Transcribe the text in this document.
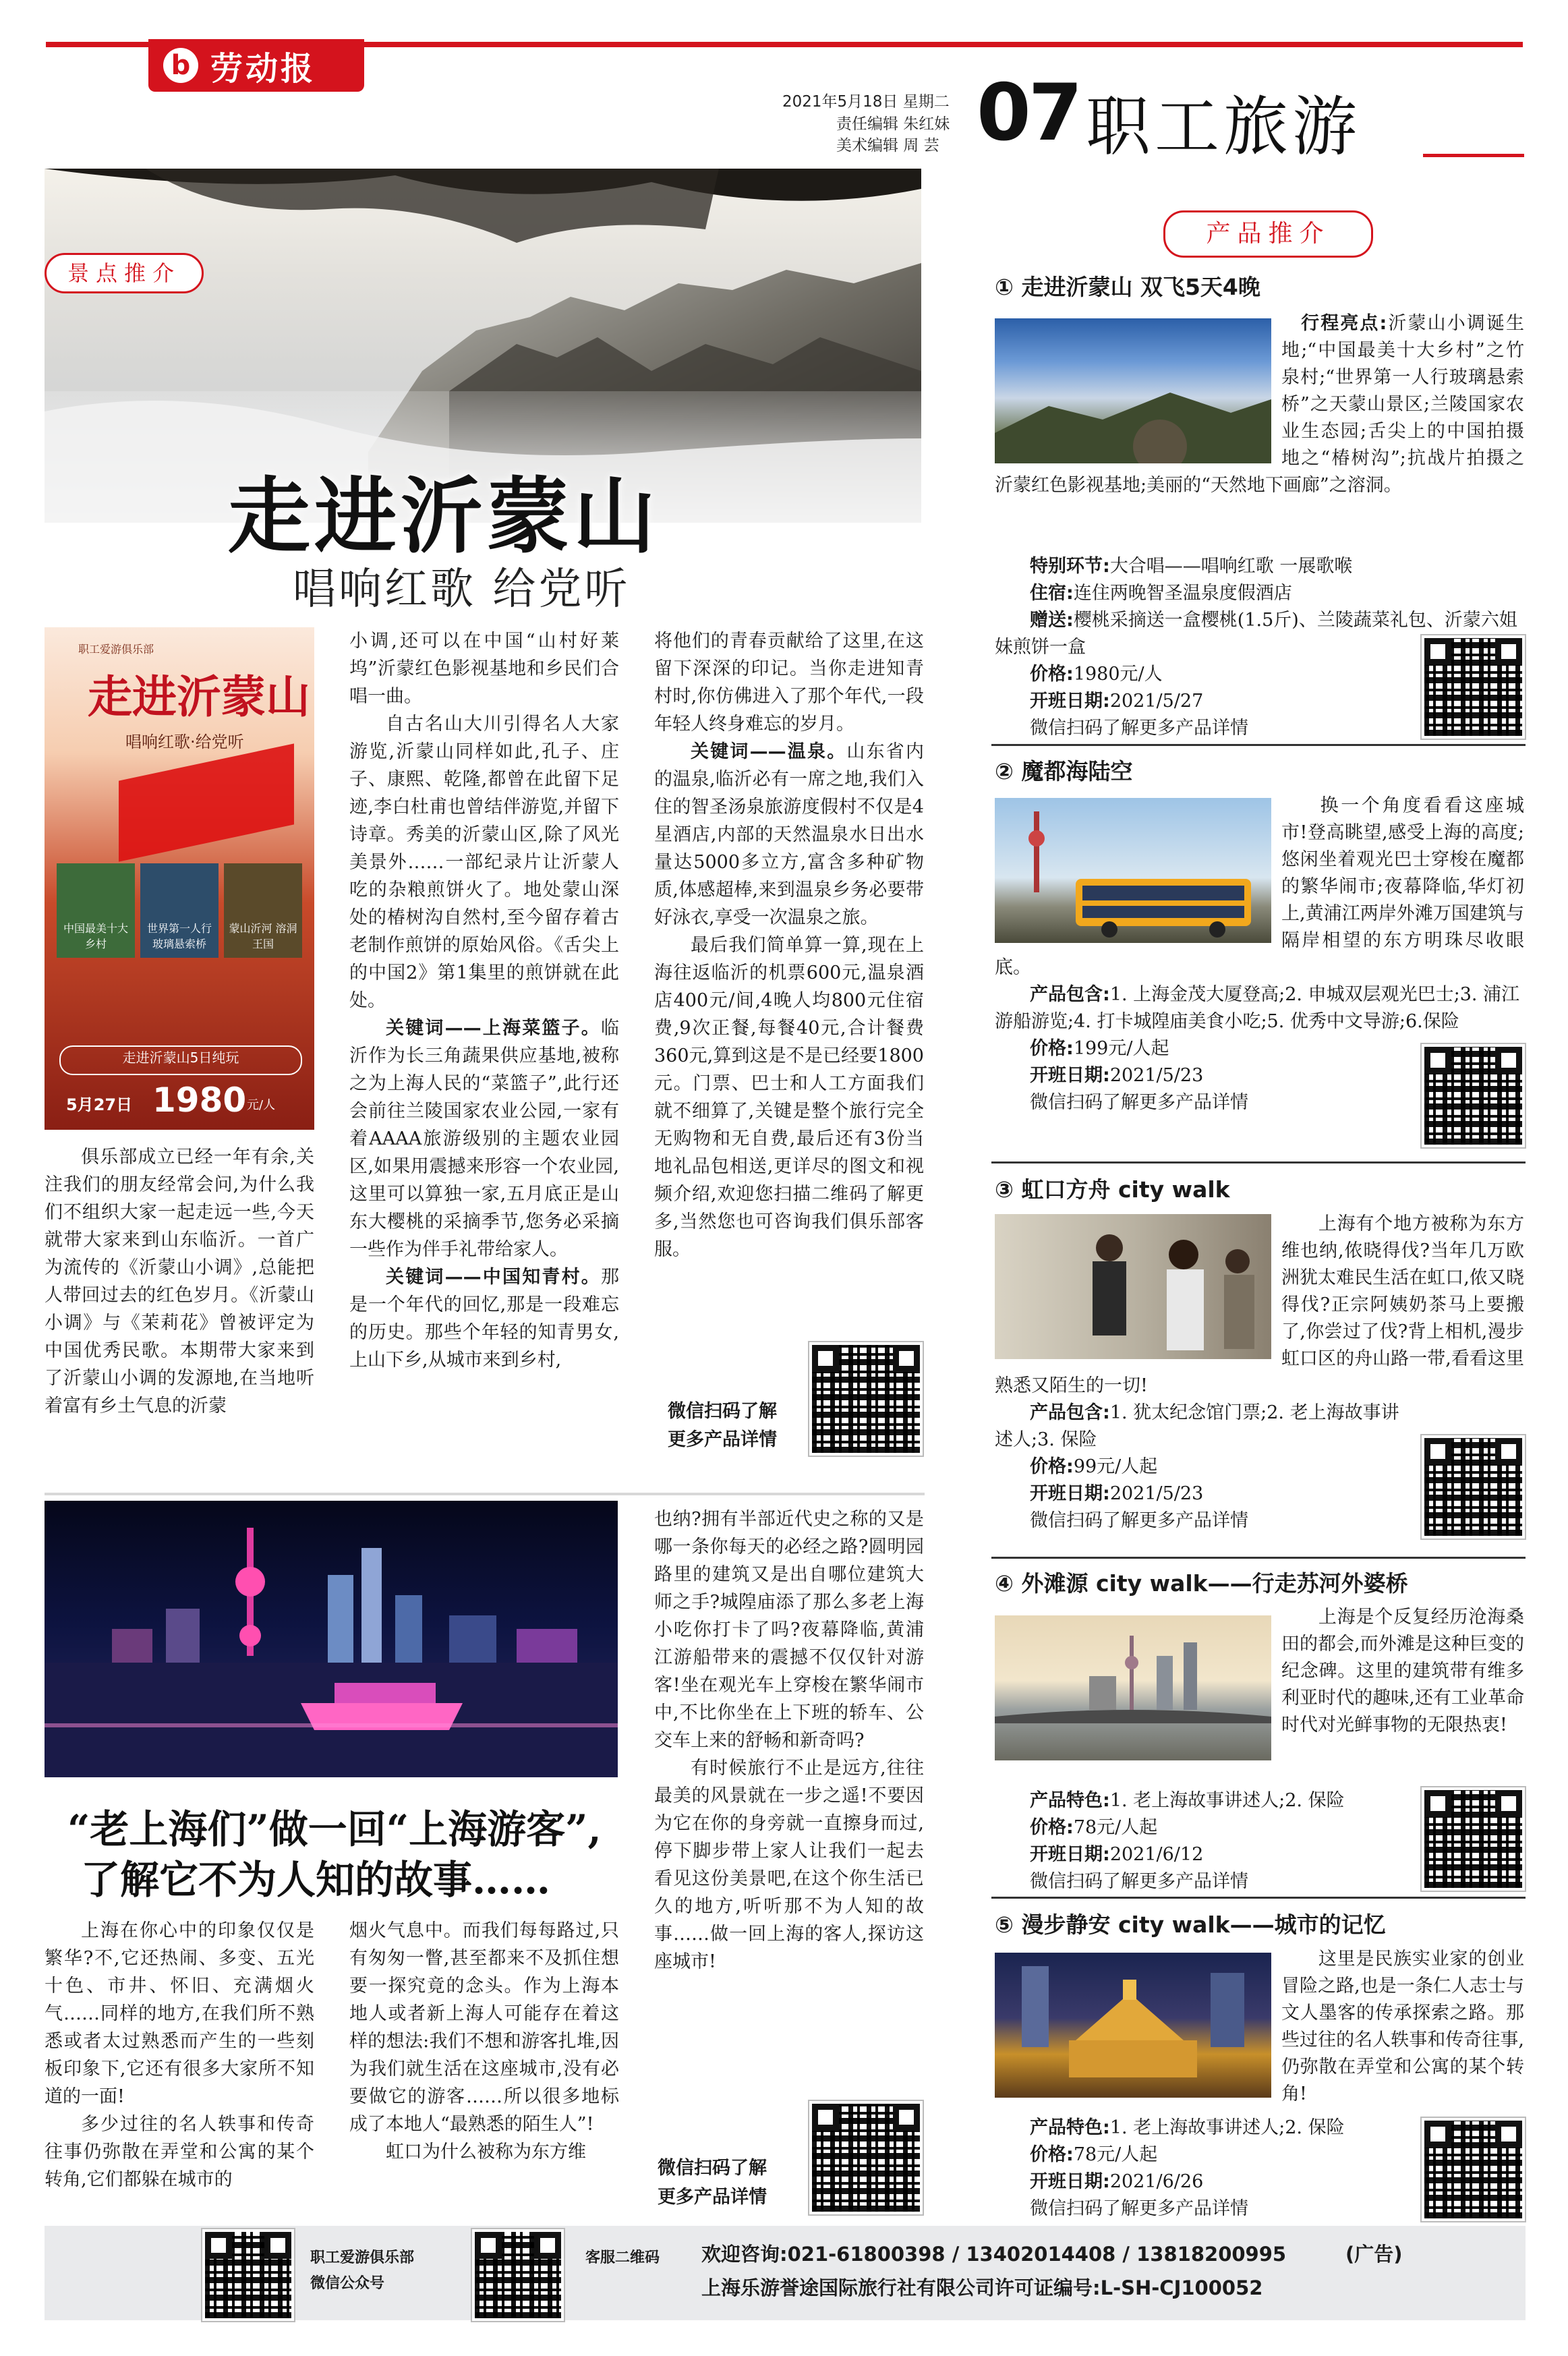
b 劳动报
2021年5月18日 星期二
责任编辑 朱红妹
美术编辑 周 芸 07 职工旅游
景点推介
走进沂蒙山
唱响红歌 给党听
职工爱游俱乐部
走进沂蒙山
唱响红歌·给党听
中国最美十大乡村
世界第一人行玻璃悬索桥
蒙山沂河 溶洞王国
走进沂蒙山5日纯玩
5月27日 1980 元/人

俱乐部成立已经一年有余,关注我们的朋友经常会问,为什么我们不组织大家一起走远一些,今天就带大家来到山东临沂。一首广为流传的《沂蒙山小调》,总能把人带回过去的红色岁月。《沂蒙山小调》与《茉莉花》曾被评定为中国优秀民歌。本期带大家来到了沂蒙山小调的发源地,在当地听着富有乡土气息的沂蒙

小调,还可以在中国“山村好莱坞”沂蒙红色影视基地和乡民们合唱一曲。

自古名山大川引得名人大家游览,沂蒙山同样如此,孔子、庄子、康熙、乾隆,都曾在此留下足迹,李白杜甫也曾结伴游览,并留下诗章。秀美的沂蒙山区,除了风光美景外……一部纪录片让沂蒙人吃的杂粮煎饼火了。地处蒙山深处的椿树沟自然村,至今留存着古老制作煎饼的原始风俗。《舌尖上的中国2》第1集里的煎饼就在此处。

关键词——上海菜篮子。临沂作为长三角蔬果供应基地,被称之为上海人民的“菜篮子”,此行还会前往兰陵国家农业公园,一家有着AAAA旅游级别的主题农业园区,如果用震撼来形容一个农业园,这里可以算独一家,五月底正是山东大樱桃的采摘季节,您务必采摘一些作为伴手礼带给家人。

关键词——中国知青村。那是一个年代的回忆,那是一段难忘的历史。那些个年轻的知青男女,上山下乡,从城市来到乡村,

将他们的青春贡献给了这里,在这留下深深的印记。当你走进知青村时,你仿佛进入了那个年代,一段年轻人终身难忘的岁月。

关键词——温泉。山东省内的温泉,临沂必有一席之地,我们入住的智圣汤泉旅游度假村不仅是4星酒店,内部的天然温泉水日出水量达5000多立方,富含多种矿物质,体感超棒,来到温泉乡务必要带好泳衣,享受一次温泉之旅。

最后我们简单算一算,现在上海往返临沂的机票600元,温泉酒店400元/间,4晚人均800元住宿费,9次正餐,每餐40元,合计餐费360元,算到这是不是已经要1800元。门票、巴士和人工方面我们就不细算了,关键是整个旅行完全无购物和无自费,最后还有3份当地礼品包相送,更详尽的图文和视频介绍,欢迎您扫描二维码了解更多,当然您也可咨询我们俱乐部客服。

微信扫码了解
更多产品详情
“老上海们”做一回“上海游客”,
了解它不为人知的故事……

上海在你心中的印象仅仅是繁华?不,它还热闹、多变、五光十色、市井、怀旧、充满烟火气……同样的地方,在我们所不熟悉或者太过熟悉而产生的一些刻板印象下,它还有很多大家所不知道的一面!

多少过往的名人轶事和传奇往事仍弥散在弄堂和公寓的某个转角,它们都躲在城市的

烟火气息中。而我们每每路过,只有匆匆一瞥,甚至都来不及抓住想要一探究竟的念头。作为上海本地人或者新上海人可能存在着这样的想法:我们不想和游客扎堆,因为我们就生活在这座城市,没有必要做它的游客……所以很多地标成了本地人“最熟悉的陌生人”!

虹口为什么被称为东方维

也纳?拥有半部近代史之称的又是哪一条你每天的必经之路?圆明园路里的建筑又是出自哪位建筑大师之手?城隍庙添了那么多老上海小吃你打卡了吗?夜幕降临,黄浦江游船带来的震撼不仅仅针对游客!坐在观光车上穿梭在繁华闹市中,不比你坐在上下班的轿车、公交车上来的舒畅和新奇吗?

有时候旅行不止是远方,往往最美的风景就在一步之遥!不要因为它在你的身旁就一直擦身而过,停下脚步带上家人让我们一起去看见这份美景吧,在这个你生活已久的地方,听听那不为人知的故事……做一回上海的客人,探访这座城市!

微信扫码了解
更多产品详情
产品推介
① 走进沂蒙山 双飞5天4晚
行程亮点:沂蒙山小调诞生地;“中国最美十大乡村”之竹泉村;“世界第一人行玻璃悬索桥”之天蒙山景区;兰陵国家农业生态园;舌尖上的中国拍摄地之“椿树沟”;抗战片拍摄之沂蒙红色影视基地;美丽的“天然地下画廊”之溶洞。
特别环节:大合唱——唱响红歌 一展歌喉
住宿:连住两晚智圣温泉度假酒店
赠送:樱桃采摘送一盒樱桃(1.5斤)、兰陵蔬菜礼包、沂蒙六姐妹煎饼一盒
价格:1980元/人
开班日期:2021/5/27
微信扫码了解更多产品详情
② 魔都海陆空
换一个角度看看这座城市!登高眺望,感受上海的高度;悠闲坐着观光巴士穿梭在魔都的繁华闹市;夜幕降临,华灯初上,黄浦江两岸外滩万国建筑与隔岸相望的东方明珠尽收眼底。
产品包含:1. 上海金茂大厦登高;2. 申城双层观光巴士;3. 浦江游船游览;4. 打卡城隍庙美食小吃;5. 优秀中文导游;6.保险
价格:199元/人起
开班日期:2021/5/23
微信扫码了解更多产品详情
③ 虹口方舟 city walk
上海有个地方被称为东方维也纳,侬晓得伐?当年几万欧洲犹太难民生活在虹口,侬又晓得伐?正宗阿姨奶茶马上要搬了,你尝过了伐?背上相机,漫步虹口区的舟山路一带,看看这里熟悉又陌生的一切!
产品包含:1. 犹太纪念馆门票;2. 老上海故事讲述人;3. 保险
价格:99元/人起
开班日期:2021/5/23
微信扫码了解更多产品详情
④ 外滩源 city walk——行走苏河外婆桥
上海是个反复经历沧海桑田的都会,而外滩是这种巨变的纪念碑。这里的建筑带有维多利亚时代的趣味,还有工业革命时代对光鲜事物的无限热衷!
产品特色:1. 老上海故事讲述人;2. 保险
价格:78元/人起
开班日期:2021/6/12
微信扫码了解更多产品详情
⑤ 漫步静安 city walk——城市的记忆
这里是民族实业家的创业冒险之路,也是一条仁人志士与文人墨客的传承探索之路。那些过往的名人轶事和传奇往事,仍弥散在弄堂和公寓的某个转角!
产品特色:1. 老上海故事讲述人;2. 保险
价格:78元/人起
开班日期:2021/6/26
微信扫码了解更多产品详情
职工爱游俱乐部
微信公众号
客服二维码 欢迎咨询:021-61800398 / 13402014408 / 13818200995	(广告)
上海乐游誉途国际旅行社有限公司许可证编号:L-SH-CJ100052
